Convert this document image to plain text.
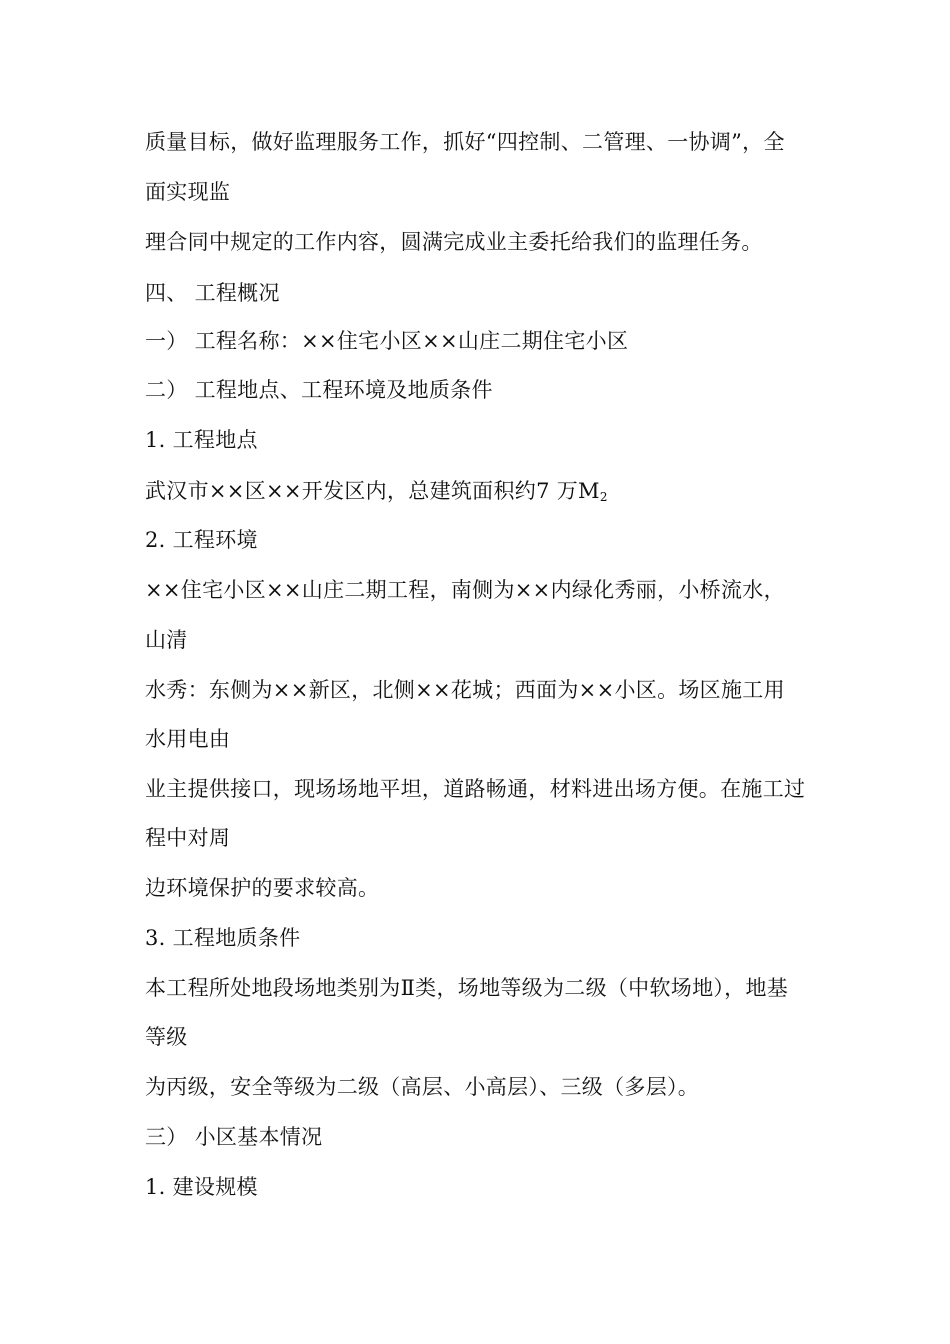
质量目标，做好监理服务工作，抓好“四控制、二管理、一协调”，全
面实现监
理合同中规定的工作内容，圆满完成业主委托给我们的监理任务。
四、 工程概况
一） 工程名称：××住宅小区××山庄二期住宅小区
二） 工程地点、工程环境及地质条件
1. 工程地点
武汉市××区××开发区内，总建筑面积约7 万$M_2$
2. 工程环境
××住宅小区××山庄二期工程，南侧为××内绿化秀丽，小桥流水，
山清
水秀：东侧为××新区，北侧××花城；西面为××小区。场区施工用
水用电由
业主提供接口，现场场地平坦，道路畅通，材料进出场方便。在施工过
程中对周
边环境保护的要求较高。
3. 工程地质条件
本工程所处地段场地类别为Ⅱ类，场地等级为二级（中软场地），地基
等级
为丙级，安全等级为二级（高层、小高层）、三级（多层）。
三） 小区基本情况
1. 建设规模
